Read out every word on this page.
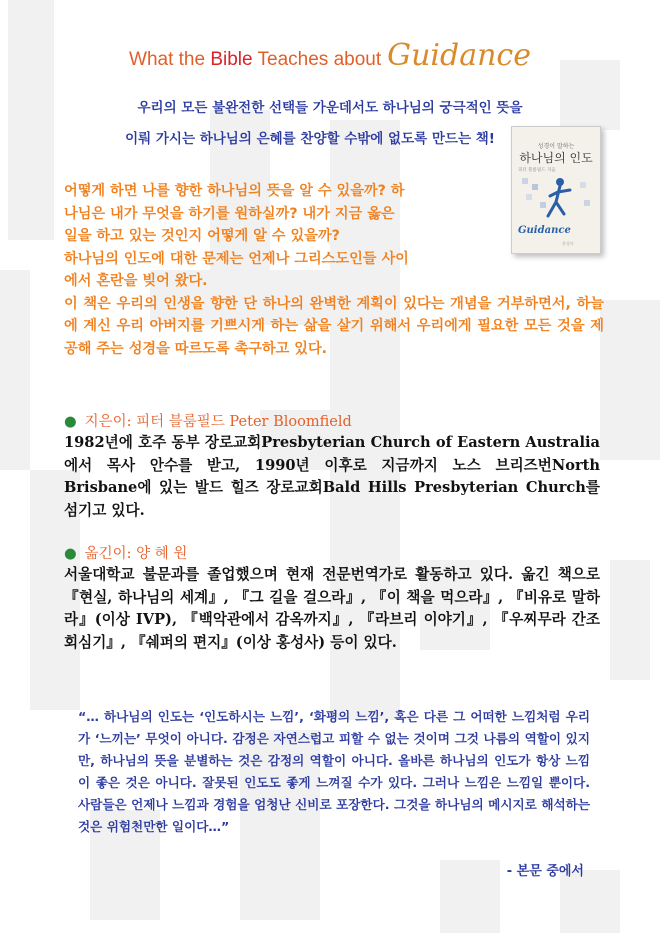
What the Bible Teaches about Guidance
우리의 모든 불완전한 선택들 가운데서도 하나님의 궁극적인 뜻을
이뤄 가시는 하나님의 은혜를 찬양할 수밖에 없도록 만드는 책!	성경이 말하는
하나님의 인도
피터 블룸필드 지음
Guidance
홍성사

어떻게 하면 나를 향한 하나님의 뜻을 알 수 있을까? 하

나님은 내가 무엇을 하기를 원하실까? 내가 지금 옳은

일을 하고 있는 것인지 어떻게 알 수 있을까?

하나님의 인도에 대한 문제는 언제나 그리스도인들 사이

에서 혼란을 빚어 왔다.

이 책은 우리의 인생을 향한 단 하나의 완벽한 계획이 있다는 개념을 거부하면서, 하늘에 계신 우리 아버지를 기쁘시게 하는 삶을 살기 위해서 우리에게 필요한 모든 것을 제공해 주는 성경을 따르도록 촉구하고 있다.

● 지은이: 피터 블룸필드 Peter Bloomfield
1982년에 호주 동부 장로교회Presbyterian Church of Eastern Australia에서 목사 안수를 받고, 1990년 이후로 지금까지 노스 브리즈번North Brisbane에 있는 발드 힐즈 장로교회Bald Hills Presbyterian Church를 섬기고 있다.
● 옮긴이: 양 혜 원
서울대학교 불문과를 졸업했으며 현재 전문번역가로 활동하고 있다. 옮긴 책으로 『현실, 하나님의 세계』, 『그 길을 걸으라』, 『이 책을 먹으라』, 『비유로 말하라』(이상 IVP), 『백악관에서 감옥까지』, 『라브리 이야기』, 『우찌무라 간조 회심기』, 『쉐퍼의 편지』(이상 홍성사) 등이 있다.
“… 하나님의 인도는 ‘인도하시는 느낌’, ‘화평의 느낌’, 혹은 다른 그 어떠한 느낌처럼 우리가 ‘느끼는’ 무엇이 아니다. 감정은 자연스럽고 피할 수 없는 것이며 그것 나름의 역할이 있지만, 하나님의 뜻을 분별하는 것은 감정의 역할이 아니다. 올바른 하나님의 인도가 항상 느낌이 좋은 것은 아니다. 잘못된 인도도 좋게 느껴질 수가 있다. 그러나 느낌은 느낌일 뿐이다. 사람들은 언제나 느낌과 경험을 엄청난 신비로 포장한다. 그것을 하나님의 메시지로 해석하는 것은 위험천만한 일이다…”
- 본문 중에서
